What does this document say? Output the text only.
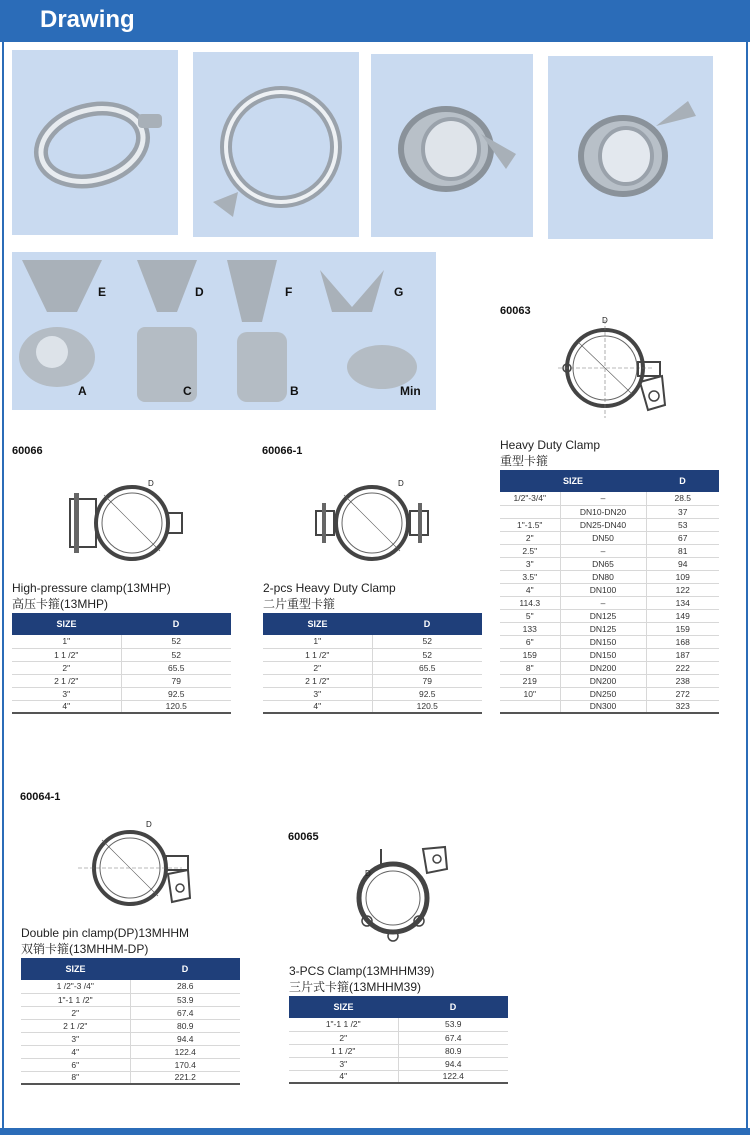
Drawing
E	D	F	G
A	C	B	Min
60063
D
Heavy Duty Clamp
重型卡箍
SIZE		D
1/2"-3/4"	–	28.5
	DN10-DN20	37
1"-1.5"	DN25-DN40	53
2"	DN50	67
2.5"	–	81
3"	DN65	94
3.5"	DN80	109
4"	DN100	122
114.3	–	134
5"	DN125	149
133	DN125	159
6"	DN150	168
159	DN150	187
8"	DN200	222
219	DN200	238
10"	DN250	272
	DN300	323
60066
D
High-pressure clamp(13MHP)
高压卡箍(13MHP)
SIZE	D
1"	52
1 1 /2"	52
2"	65.5
2 1 /2"	79
3"	92.5
4"	120.5
60066-1
D
2-pcs Heavy Duty Clamp
二片重型卡箍
SIZE	D
1"	52
1 1 /2"	52
2"	65.5
2 1 /2"	79
3"	92.5
4"	120.5
60064-1
D
Double pin clamp(DP)13MHHM
双销卡箍(13MHHM-DP)
SIZE	D
1 /2"-3 /4"	28.6
1"-1 1 /2"	53.9
2"	67.4
2 1 /2"	80.9
3"	94.4
4"	122.4
6"	170.4
8"	221.2
60065
D
3-PCS Clamp(13MHHM39)
三片式卡箍(13MHHM39)
SIZE	D
1"-1 1 /2"	53.9
2"	67.4
1 1 /2"	80.9
3"	94.4
4"	122.4
